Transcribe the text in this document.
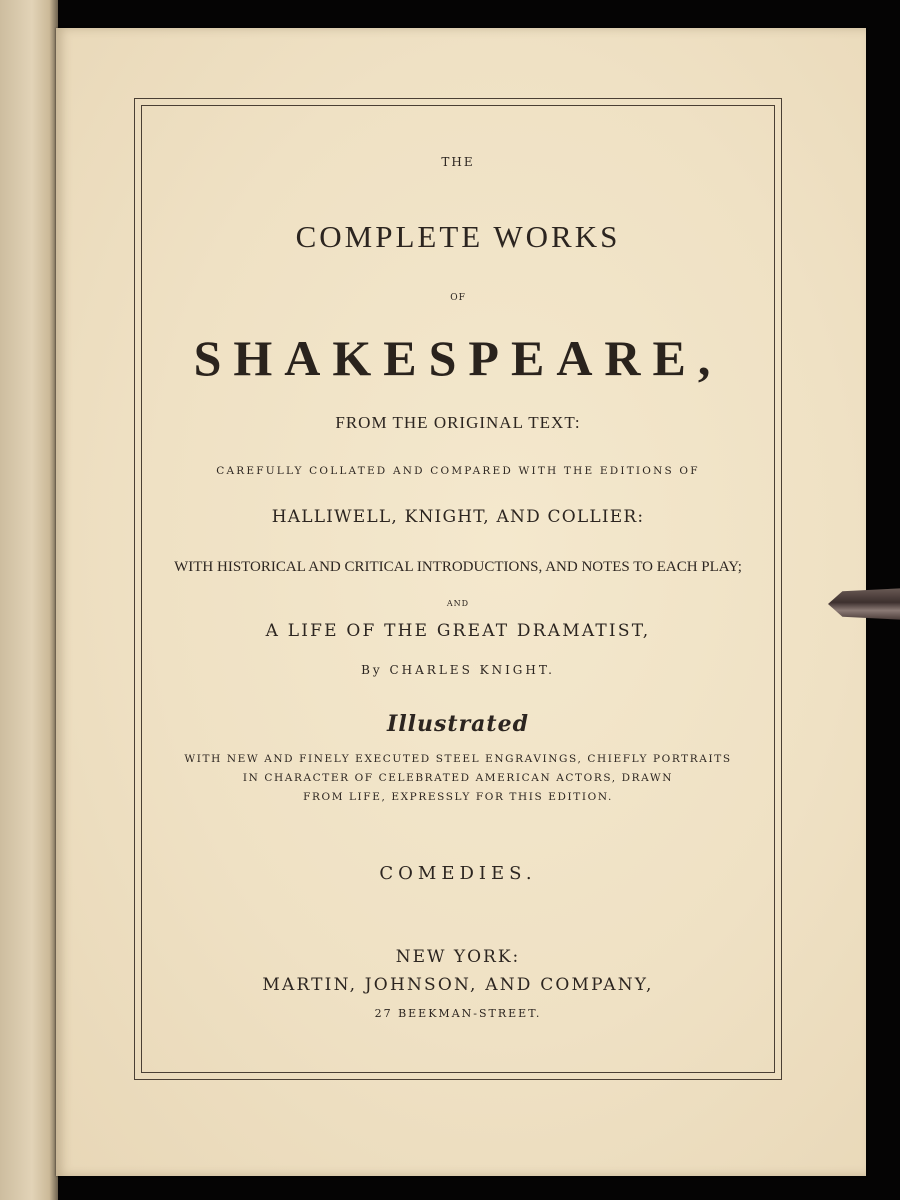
THE
COMPLETE WORKS
OF
SHAKESPEARE,
FROM THE ORIGINAL TEXT:
CAREFULLY COLLATED AND COMPARED WITH THE EDITIONS OF
HALLIWELL, KNIGHT, AND COLLIER:
WITH HISTORICAL AND CRITICAL INTRODUCTIONS, AND NOTES TO EACH PLAY;
AND
A LIFE OF THE GREAT DRAMATIST,
By CHARLES KNIGHT.
Illustrated
WITH NEW AND FINELY EXECUTED STEEL ENGRAVINGS, CHIEFLY PORTRAITS
IN CHARACTER OF CELEBRATED AMERICAN ACTORS, DRAWN
FROM LIFE, EXPRESSLY FOR THIS EDITION.
COMEDIES.
NEW YORK:
MARTIN, JOHNSON, AND COMPANY,
27 BEEKMAN-STREET.
